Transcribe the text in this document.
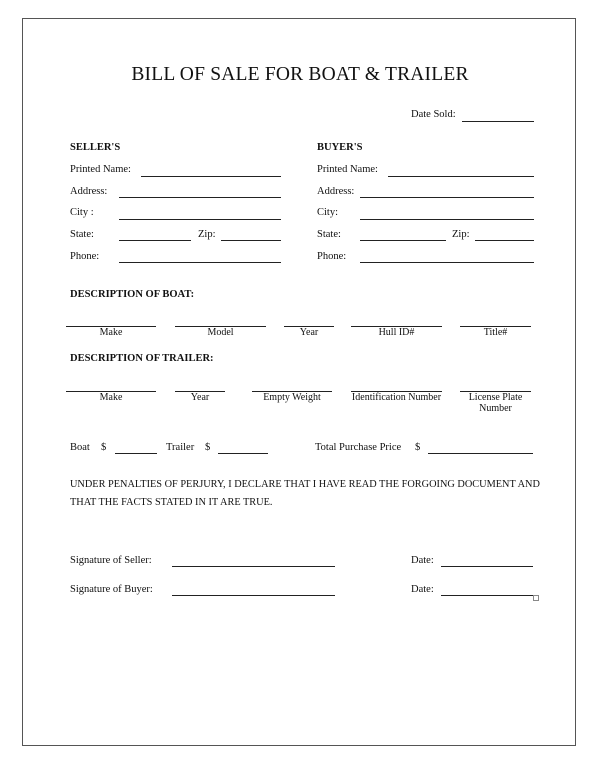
BILL OF SALE FOR BOAT & TRAILER
Date Sold:
SELLER'S
Printed Name:
Address:
City :
State:	Zip:
Phone:
BUYER'S
Printed Name:
Address:
City:
State:	Zip:
Phone:
DESCRIPTION OF BOAT:
Make	Model	Year	Hull ID#	Title#
DESCRIPTION OF TRAILER:
Make	Year	Empty Weight	Identification Number	License Plate Number
Boat $	Trailer $	Total Purchase Price $
UNDER PENALTIES OF PERJURY, I DECLARE THAT I HAVE READ THE FORGOING DOCUMENT AND THAT THE FACTS STATED IN IT ARE TRUE.
Signature of Seller:	Date:
Signature of Buyer:	Date:
